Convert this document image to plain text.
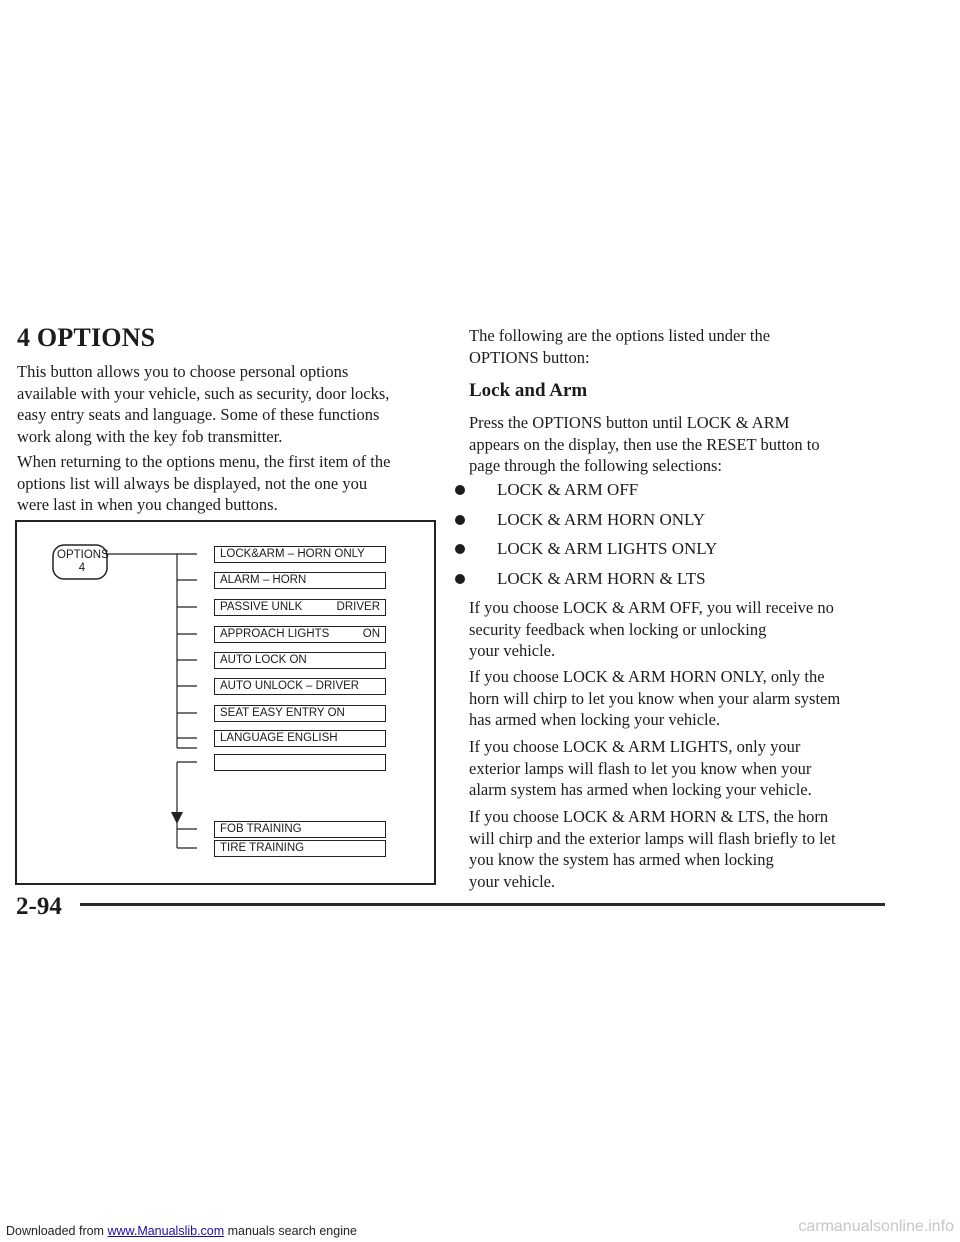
4 OPTIONS

This button allows you to choose personal options
available with your vehicle, such as security, door locks,
easy entry seats and language. Some of these functions
work along with the key fob transmitter.

When returning to the options menu, the first item of the
options list will always be displayed, not the one you
were last in when you changed buttons.

OPTIONS
4
LOCK&ARM – HORN ONLY
ALARM – HORN
PASSIVE UNLK	DRIVER
APPROACH LIGHTS	ON
AUTO LOCK ON
AUTO UNLOCK – DRIVER
SEAT EASY ENTRY ON
LANGUAGE ENGLISH
FOB TRAINING
TIRE TRAINING

The following are the options listed under the
OPTIONS button:

Lock and Arm

Press the OPTIONS button until LOCK & ARM
appears on the display, then use the RESET button to
page through the following selections:

LOCK & ARM OFF
LOCK & ARM HORN ONLY
LOCK & ARM LIGHTS ONLY
LOCK & ARM HORN & LTS

If you choose LOCK & ARM OFF, you will receive no
security feedback when locking or unlocking
your vehicle.

If you choose LOCK & ARM HORN ONLY, only the
horn will chirp to let you know when your alarm system
has armed when locking your vehicle.

If you choose LOCK & ARM LIGHTS, only your
exterior lamps will flash to let you know when your
alarm system has armed when locking your vehicle.

If you choose LOCK & ARM HORN & LTS, the horn
will chirp and the exterior lamps will flash briefly to let
you know the system has armed when locking
your vehicle.

2-94
Downloaded from www.Manualslib.com manuals search engine	carmanualsonline.info
